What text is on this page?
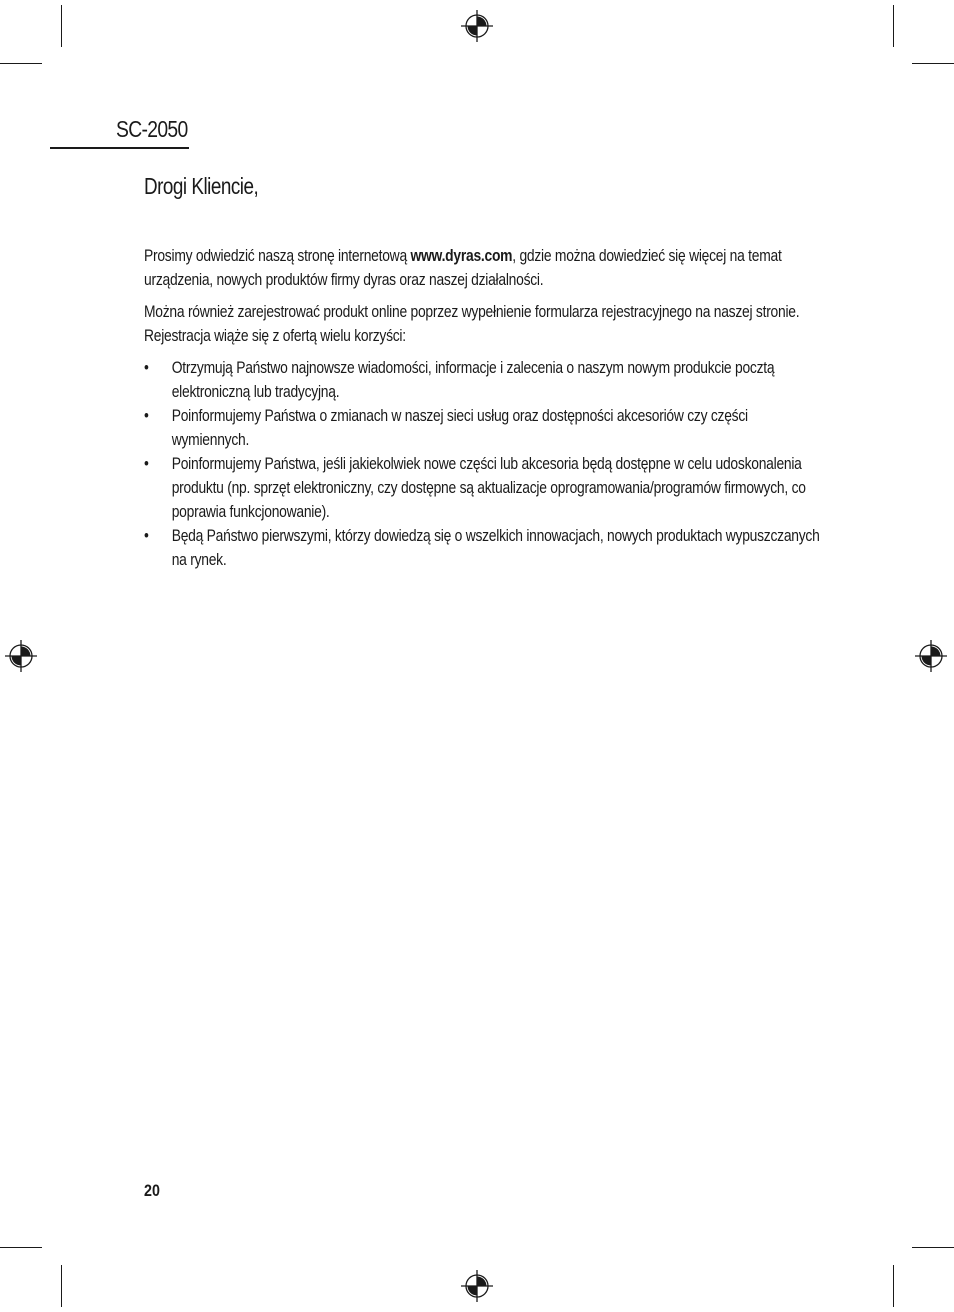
SC-2050
Drogi Kliencie,

Prosimy odwiedzić naszą stronę internetową www.dyras.com, gdzie można dowiedzieć się więcej na temat
urządzenia, nowych produktów firmy dyras oraz naszej działalności.

Można również zarejestrować produkt online poprzez wypełnienie formularza rejestracyjnego na naszej stronie.
Rejestracja wiąże się z ofertą wielu korzyści:

• Otrzymują Państwo najnowsze wiadomości, informacje i zalecenia o naszym nowym produkcie pocztą
elektroniczną lub tradycyjną.
• Poinformujemy Państwa o zmianach w naszej sieci usług oraz dostępności akcesoriów czy części
wymiennych.
• Poinformujemy Państwa, jeśli jakiekolwiek nowe części lub akcesoria będą dostępne w celu udoskonalenia
produktu (np. sprzęt elektroniczny, czy dostępne są aktualizacje oprogramowania/programów firmowych, co
poprawia funkcjonowanie).
• Będą Państwo pierwszymi, którzy dowiedzą się o wszelkich innowacjach, nowych produktach wypuszczanych
na rynek.
20
